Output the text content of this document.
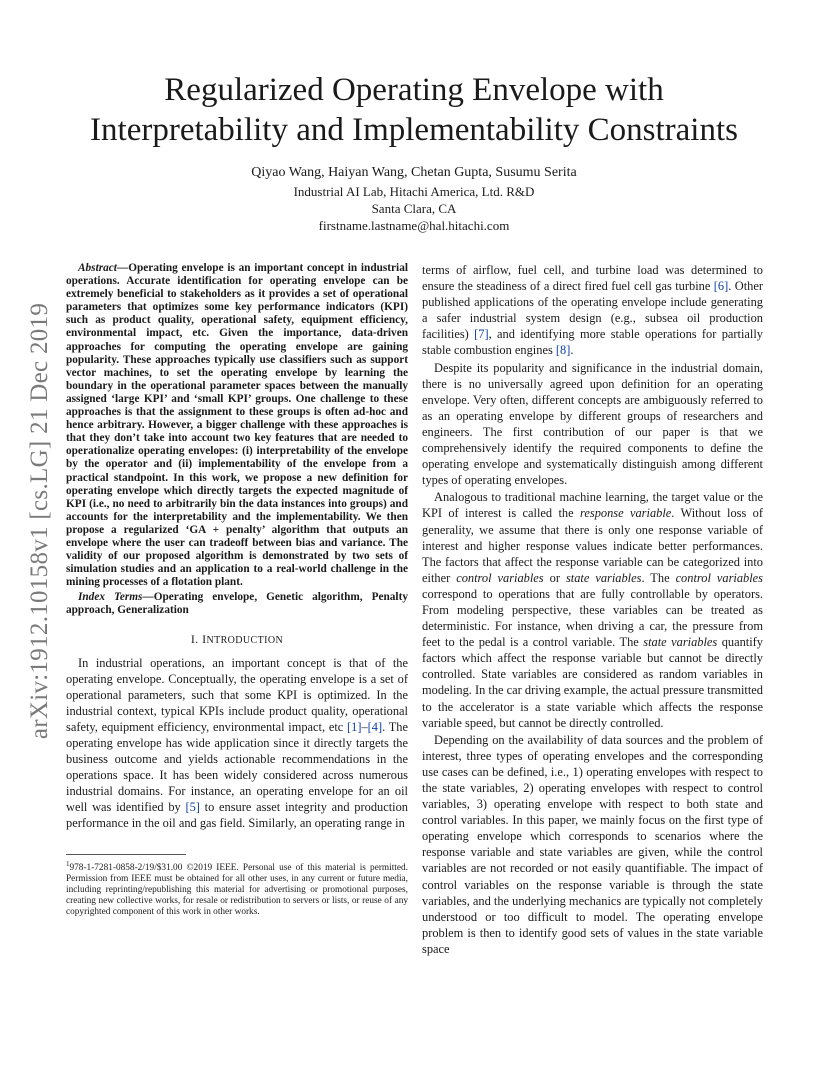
Regularized Operating Envelope with
Interpretability and Implementability Constraints
Qiyao Wang, Haiyan Wang, Chetan Gupta, Susumu Serita
Industrial AI Lab, Hitachi America, Ltd. R&D
Santa Clara, CA
firstname.lastname@hal.hitachi.com
arXiv:1912.10158v1 [cs.LG] 21 Dec 2019

Abstract—Operating envelope is an important concept in industrial operations. Accurate identification for operating envelope can be extremely beneficial to stakeholders as it provides a set of operational parameters that optimizes some key performance indicators (KPI) such as product quality, operational safety, equipment efficiency, environmental impact, etc. Given the importance, data-driven approaches for computing the operating envelope are gaining popularity. These approaches typically use classifiers such as support vector machines, to set the operating envelope by learning the boundary in the operational parameter spaces between the manually assigned ‘large KPI’ and ‘small KPI’ groups. One challenge to these approaches is that the assignment to these groups is often ad-hoc and hence arbitrary. However, a bigger challenge with these approaches is that they don’t take into account two key features that are needed to operationalize operating envelopes: (i) interpretability of the envelope by the operator and (ii) implementability of the envelope from a practical standpoint. In this work, we propose a new definition for operating envelope which directly targets the expected magnitude of KPI (i.e., no need to arbitrarily bin the data instances into groups) and accounts for the interpretability and the implementability. We then propose a regularized ‘GA + penalty’ algorithm that outputs an envelope where the user can tradeoff between bias and variance. The validity of our proposed algorithm is demonstrated by two sets of simulation studies and an application to a real-world challenge in the mining processes of a flotation plant.

Index Terms—Operating envelope, Genetic algorithm, Penalty approach, Generalization

I. INTRODUCTION

In industrial operations, an important concept is that of the operating envelope. Conceptually, the operating envelope is a set of operational parameters, such that some KPI is optimized. In the industrial context, typical KPIs include product quality, operational safety, equipment efficiency, environmental impact, etc [1]–[4]. The operating envelope has wide application since it directly targets the business outcome and yields actionable recommendations in the operations space. It has been widely considered across numerous industrial domains. For instance, an operating envelope for an oil well was identified by [5] to ensure asset integrity and production performance in the oil and gas field. Similarly, an operating range in

$^1$978-1-7281-0858-2/19/$31.00 ©2019 IEEE. Personal use of this material is permitted. Permission from IEEE must be obtained for all other uses, in any current or future media, including reprinting/republishing this material for advertising or promotional purposes, creating new collective works, for resale or redistribution to servers or lists, or reuse of any copyrighted component of this work in other works.

terms of airflow, fuel cell, and turbine load was determined to ensure the steadiness of a direct fired fuel cell gas turbine [6]. Other published applications of the operating envelope include generating a safer industrial system design (e.g., subsea oil production facilities) [7], and identifying more stable operations for partially stable combustion engines [8].

Despite its popularity and significance in the industrial domain, there is no universally agreed upon definition for an operating envelope. Very often, different concepts are ambiguously referred to as an operating envelope by different groups of researchers and engineers. The first contribution of our paper is that we comprehensively identify the required components to define the operating envelope and systematically distinguish among different types of operating envelopes.

Analogous to traditional machine learning, the target value or the KPI of interest is called the response variable. Without loss of generality, we assume that there is only one response variable of interest and higher response values indicate better performances. The factors that affect the response variable can be categorized into either control variables or state variables. The control variables correspond to operations that are fully controllable by operators. From modeling perspective, these variables can be treated as deterministic. For instance, when driving a car, the pressure from feet to the pedal is a control variable. The state variables quantify factors which affect the response variable but cannot be directly controlled. State variables are considered as random variables in modeling. In the car driving example, the actual pressure transmitted to the accelerator is a state variable which affects the response variable speed, but cannot be directly controlled.

Depending on the availability of data sources and the problem of interest, three types of operating envelopes and the corresponding use cases can be defined, i.e., 1) operating envelopes with respect to the state variables, 2) operating envelopes with respect to control variables, 3) operating envelope with respect to both state and control variables. In this paper, we mainly focus on the first type of operating envelope which corresponds to scenarios where the response variable and state variables are given, while the control variables are not recorded or not easily quantifiable. The impact of control variables on the response variable is through the state variables, and the underlying mechanics are typically not completely understood or too difficult to model. The operating envelope problem is then to identify good sets of values in the state variable space
